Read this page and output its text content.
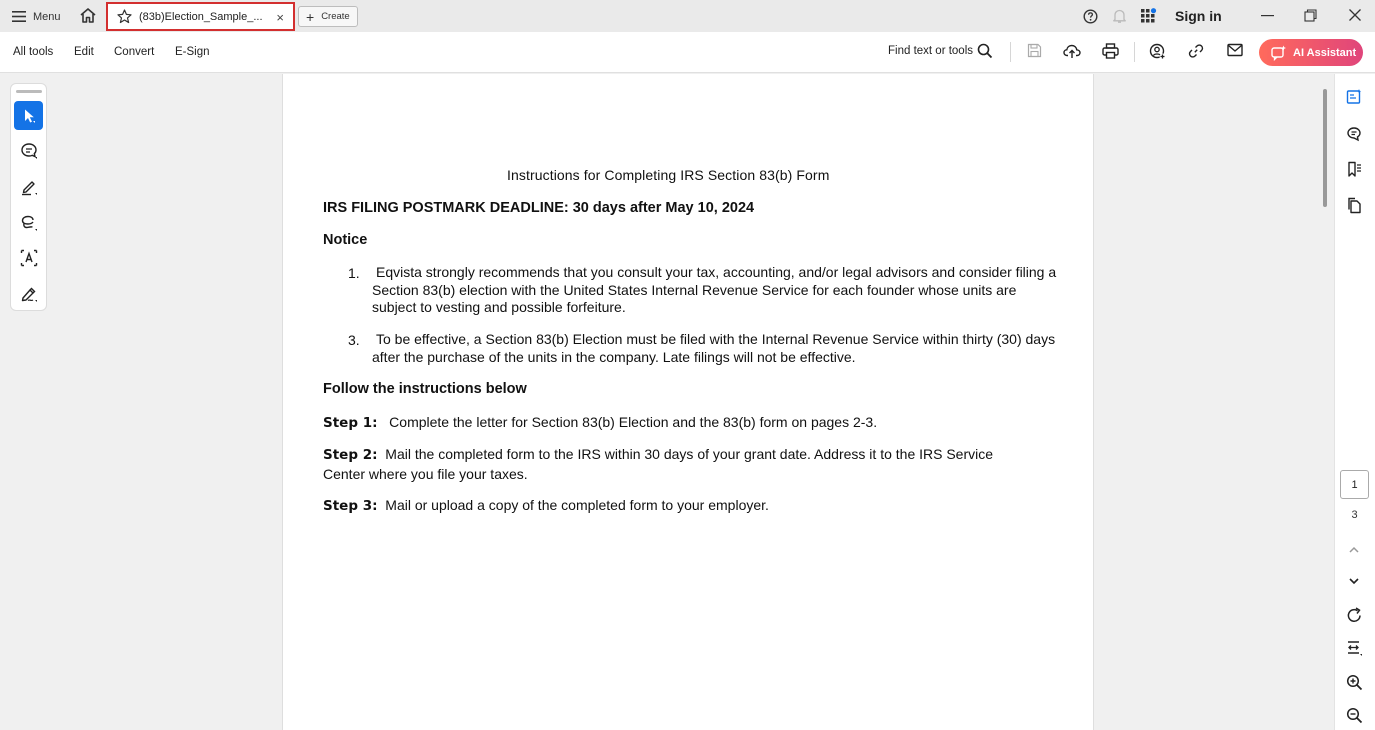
Menu	(83b)Election_Sample_... × + Create	Sign in
All tools Edit Convert E-Sign	Find text or tools	AI Assistant
Instructions for Completing IRS Section 83(b) Form
IRS FILING POSTMARK DEADLINE: 30 days after May 10, 2024
Notice
1. Eqvista strongly recommends that you consult your tax, accounting, and/or legal advisors and consider filing a Section 83(b) election with the United States Internal Revenue Service for each founder whose units are subject to vesting and possible forfeiture.
3. To be effective, a Section 83(b) Election must be filed with the Internal Revenue Service within thirty (30) days after the purchase of the units in the company. Late filings will not be effective.
Follow the instructions below
Step 1: Complete the letter for Section 83(b) Election and the 83(b) form on pages 2-3.
Step 2: Mail the completed form to the IRS within 30 days of your grant date. Address it to the IRS Service Center where you file your taxes.
Step 3: Mail or upload a copy of the completed form to your employer.
1
3
